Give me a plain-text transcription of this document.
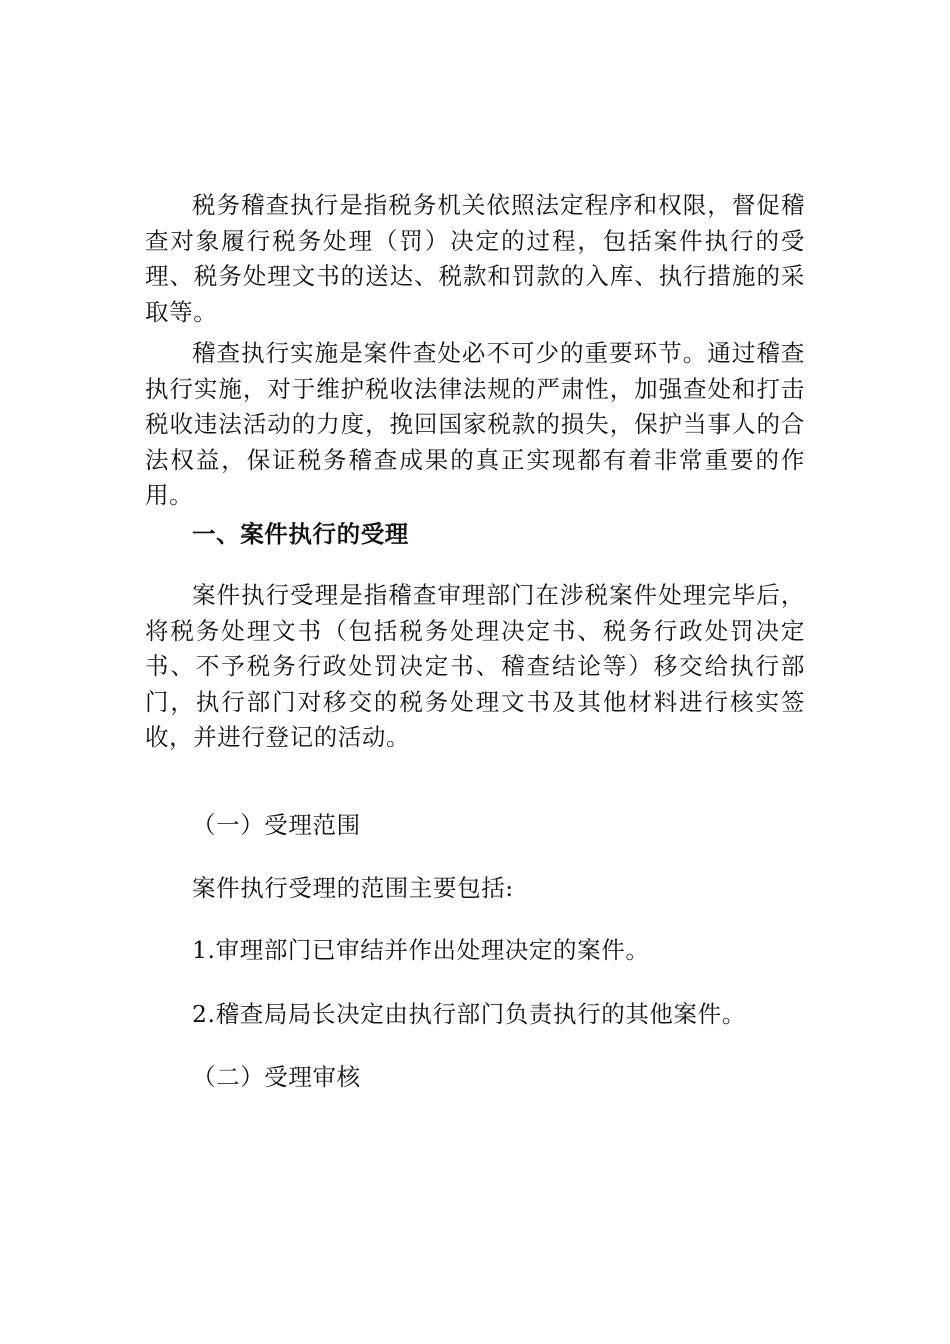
税务稽查执行是指税务机关依照法定程序和权限，督促稽查对象履行税务处理（罚）决定的过程，包括案件执行的受理、税务处理文书的送达、税款和罚款的入库、执行措施的采取等。

稽查执行实施是案件查处必不可少的重要环节。通过稽查执行实施，对于维护税收法律法规的严肃性，加强查处和打击税收违法活动的力度，挽回国家税款的损失，保护当事人的合法权益，保证税务稽查成果的真正实现都有着非常重要的作用。

一、案件执行的受理

案件执行受理是指稽查审理部门在涉税案件处理完毕后，将税务处理文书（包括税务处理决定书、税务行政处罚决定书、不予税务行政处罚决定书、稽查结论等）移交给执行部门，执行部门对移交的税务处理文书及其他材料进行核实签收，并进行登记的活动。

（一）受理范围

案件执行受理的范围主要包括:

1.审理部门已审结并作出处理决定的案件。

2.稽查局局长决定由执行部门负责执行的其他案件。

（二）受理审核
